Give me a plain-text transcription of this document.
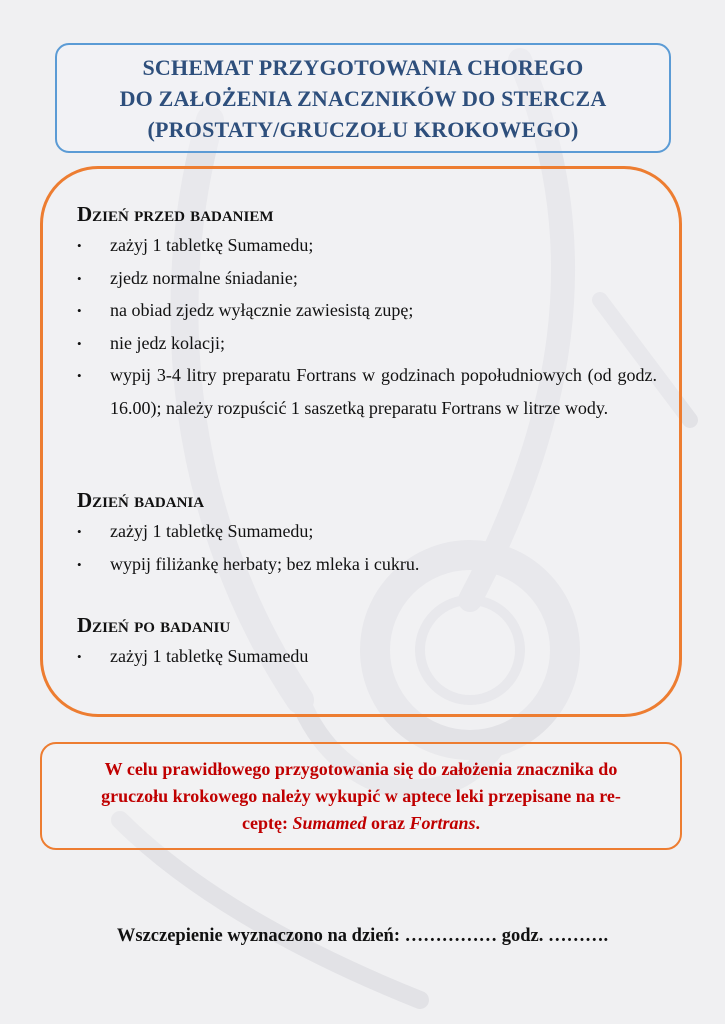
SCHEMAT PRZYGOTOWANIA CHOREGO
DO ZAŁOŻENIA ZNACZNIKÓW DO STERCZA
(PROSTATY/GRUCZOŁU KROKOWEGO)
Dzień przed badaniem
• zażyj 1 tabletkę Sumamedu;
• zjedz normalne śniadanie;
• na obiad zjedz wyłącznie zawiesistą zupę;
• nie jedz kolacji;
• wypij 3-4 litry preparatu Fortrans w godzinach popołudniowych (od godz. 16.00); należy rozpuścić 1 saszetką preparatu Fortrans w litrze wody.
Dzień badania
• zażyj 1 tabletkę Sumamedu;
• wypij filiżankę herbaty; bez mleka i cukru.
Dzień po badaniu
• zażyj 1 tabletkę Sumamedu
W celu prawidłowego przygotowania się do założenia znacznika do
gruczołu krokowego należy wykupić w aptece leki przepisane na re-
ceptę: Sumamed oraz Fortrans.
Wszczepienie wyznaczono na dzień: …………… godz. ……….
